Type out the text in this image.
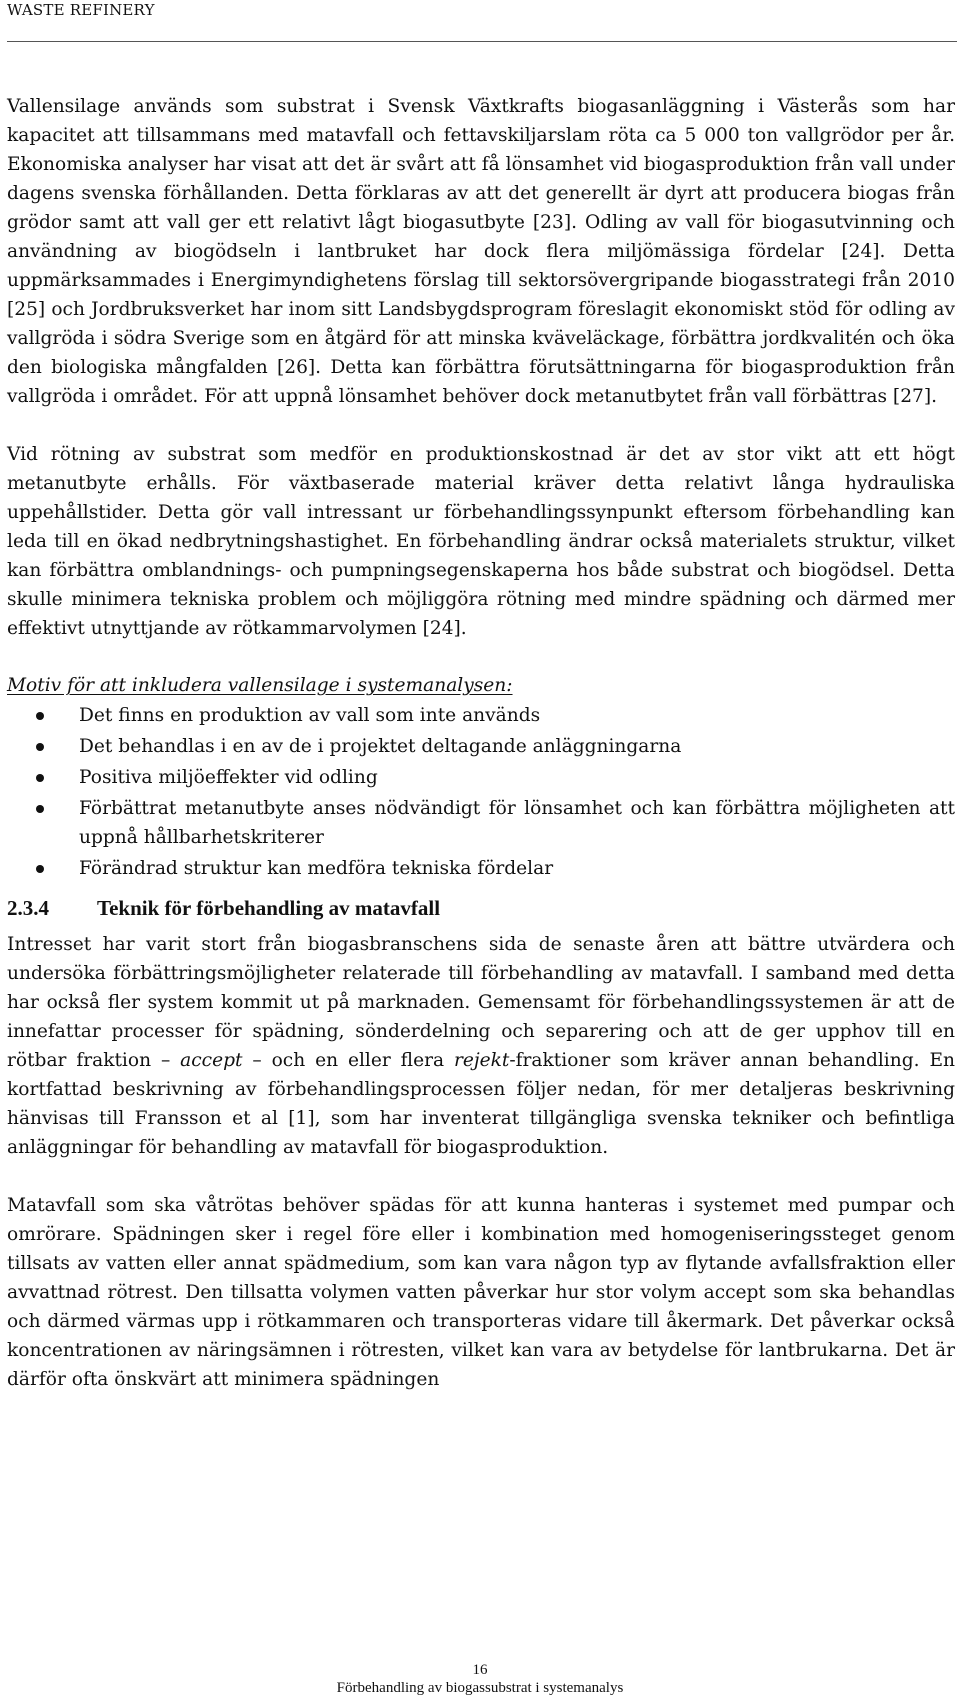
WASTE REFINERY

Vallensilage används som substrat i Svensk Växtkrafts biogasanläggning i Västerås som har kapacitet att tillsammans med matavfall och fettavskiljarslam röta ca 5 000 ton vallgrödor per år. Ekonomiska analyser har visat att det är svårt att få lönsamhet vid biogasproduktion från vall under dagens svenska förhållanden. Detta förklaras av att det generellt är dyrt att producera biogas från grödor samt att vall ger ett relativt lågt biogasutbyte [23]. Odling av vall för biogasutvinning och användning av biogödseln i lantbruket har dock flera miljömässiga fördelar [24]. Detta uppmärksammades i Energimyndighetens förslag till sektorsövergripande biogasstrategi från 2010 [25] och Jordbruksverket har inom sitt Landsbygdsprogram föreslagit ekonomiskt stöd för odling av vallgröda i södra Sverige som en åtgärd för att minska kväveläckage, förbättra jordkvalitén och öka den biologiska mångfalden [26]. Detta kan förbättra förutsättningarna för biogasproduktion från vallgröda i området. För att uppnå lönsamhet behöver dock metanutbytet från vall förbättras [27].

Vid rötning av substrat som medför en produktionskostnad är det av stor vikt att ett högt metanutbyte erhålls. För växtbaserade material kräver detta relativt långa hydrauliska uppehållstider. Detta gör vall intressant ur förbehandlingssynpunkt eftersom förbehandling kan leda till en ökad nedbrytningshastighet. En förbehandling ändrar också materialets struktur, vilket kan förbättra omblandnings- och pumpningsegenskaperna hos både substrat och biogödsel. Detta skulle minimera tekniska problem och möjliggöra rötning med mindre spädning och därmed mer effektivt utnyttjande av rötkammarvolymen [24].

Motiv för att inkludera vallensilage i systemanalysen:

Det finns en produktion av vall som inte används
Det behandlas i en av de i projektet deltagande anläggningarna
Positiva miljöeffekter vid odling
Förbättrat metanutbyte anses nödvändigt för lönsamhet och kan förbättra möjligheten att uppnå hållbarhetskriterer
Förändrad struktur kan medföra tekniska fördelar
2.3.4 Teknik för förbehandling av matavfall

Intresset har varit stort från biogasbranschens sida de senaste åren att bättre utvärdera och undersöka förbättringsmöjligheter relaterade till förbehandling av matavfall. I samband med detta har också fler system kommit ut på marknaden. Gemensamt för förbehandlingssystemen är att de innefattar processer för spädning, sönderdelning och separering och att de ger upphov till en rötbar fraktion – accept – och en eller flera rejekt-fraktioner som kräver annan behandling. En kortfattad beskrivning av förbehandlingsprocessen följer nedan, för mer detaljeras beskrivning hänvisas till Fransson et al [1], som har inventerat tillgängliga svenska tekniker och befintliga anläggningar för behandling av matavfall för biogasproduktion.

Matavfall som ska våtrötas behöver spädas för att kunna hanteras i systemet med pumpar och omrörare. Spädningen sker i regel före eller i kombination med homogeniseringssteget genom tillsats av vatten eller annat spädmedium, som kan vara någon typ av flytande avfallsfraktion eller avvattnad rötrest. Den tillsatta volymen vatten påverkar hur stor volym accept som ska behandlas och därmed värmas upp i rötkammaren och transporteras vidare till åkermark. Det påverkar också koncentrationen av näringsämnen i rötresten, vilket kan vara av betydelse för lantbrukarna. Det är därför ofta önskvärt att minimera spädningen

16
Förbehandling av biogassubstrat i systemanalys
